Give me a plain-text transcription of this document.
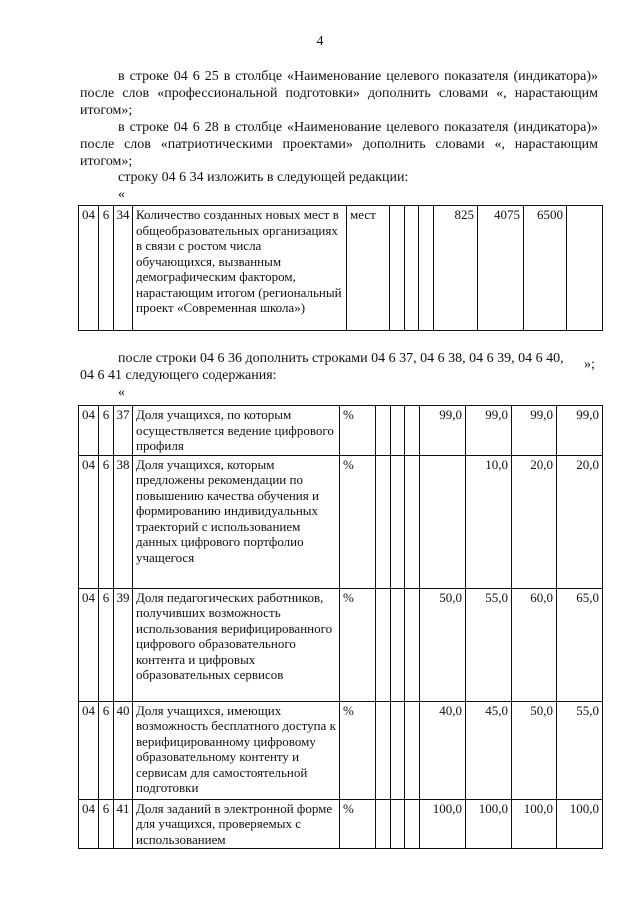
4

в строке 04 6 25 в столбце «Наименование целевого показателя (индикатора)» после слов «профессиональной подготовки» дополнить словами «, нарастающим итогом»;

в строке 04 6 28 в столбце «Наименование целевого показателя (индикатора)» после слов «патриотическими проектами» дополнить словами «, нарастающим итогом»;

строку 04 6 34 изложить в следующей редакции:
«
04	6	34	Количество созданных новых мест в общеобразовательных организациях в связи с ростом числа обучающихся, вызванным демографическим фактором, нарастающим итогом (региональный проект «Современная школа»)	мест				825	4075	6500	
»;
после строки 04 6 36 дополнить строками 04 6 37, 04 6 38, 04 6 39, 04 6 40,
04 6 41 следующего содержания:
«
04	6	37	Доля учащихся, по которым осуществляется ведение цифрового профиля	%				99,0	99,0	99,0	99,0
04	6	38	Доля учащихся, которым предложены рекомендации по повышению качества обучения и формированию индивидуальных траекторий с использованием данных цифрового портфолио учащегося	%					10,0	20,0	20,0
04	6	39	Доля педагогических работников, получивших возможность использования верифицированного цифрового образовательного контента и цифровых образовательных сервисов	%				50,0	55,0	60,0	65,0
04	6	40	Доля учащихся, имеющих возможность бесплатного доступа к верифицированному цифровому образовательному контенту и сервисам для самостоятельной подготовки	%				40,0	45,0	50,0	55,0
04	6	41	Доля заданий в электронной форме для учащихся, проверяемых с использованием	%				100,0	100,0	100,0	100,0
